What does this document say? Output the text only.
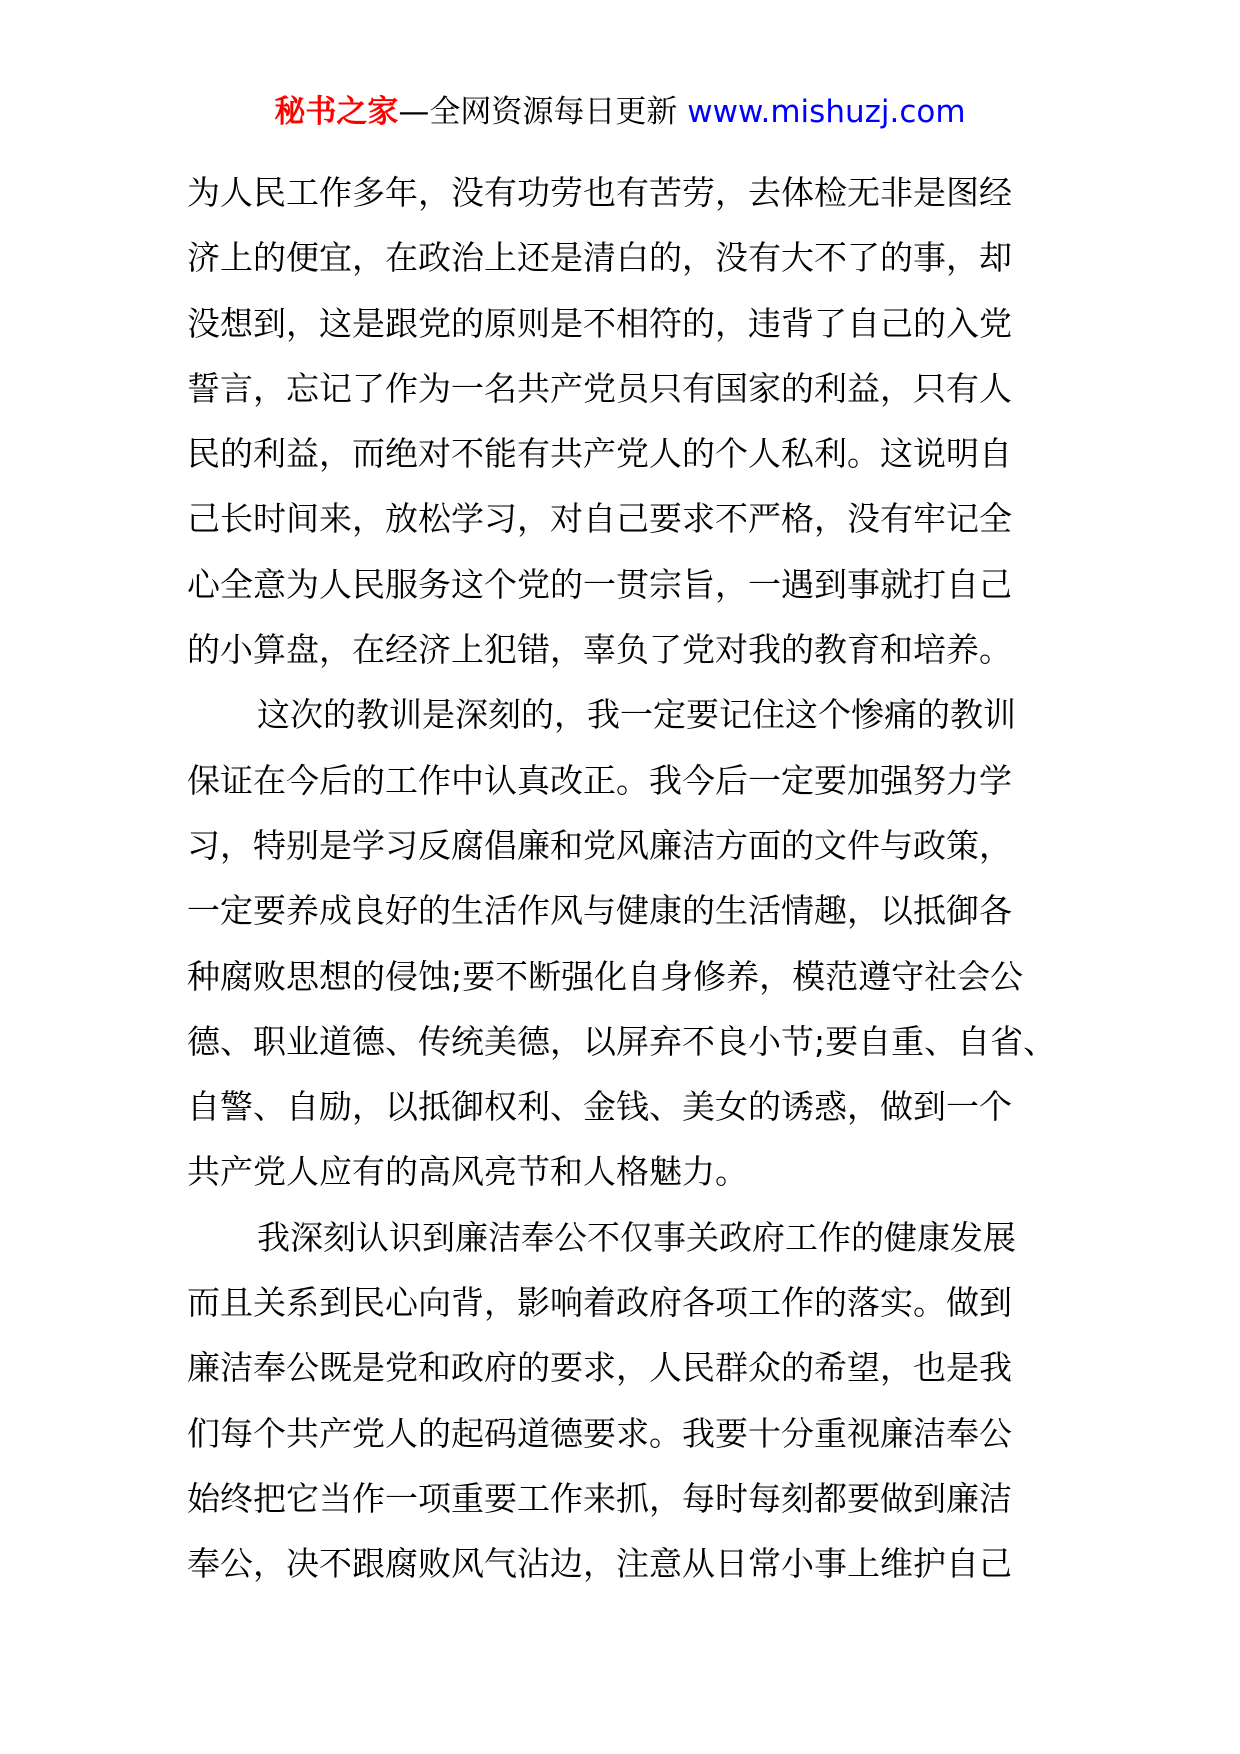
秘书之家—全网资源每日更新 www.mishuzj.com
为人民工作多年，没有功劳也有苦劳，去体检无非是图经
济上的便宜，在政治上还是清白的，没有大不了的事，却
没想到，这是跟党的原则是不相符的，违背了自己的入党
誓言，忘记了作为一名共产党员只有国家的利益，只有人
民的利益，而绝对不能有共产党人的个人私利。这说明自
己长时间来，放松学习，对自己要求不严格，没有牢记全
心全意为人民服务这个党的一贯宗旨，一遇到事就打自己
的小算盘，在经济上犯错，辜负了党对我的教育和培养。
这次的教训是深刻的，我一定要记住这个惨痛的教训
保证在今后的工作中认真改正。我今后一定要加强努力学
习，特别是学习反腐倡廉和党风廉洁方面的文件与政策，
一定要养成良好的生活作风与健康的生活情趣，以抵御各
种腐败思想的侵蚀;要不断强化自身修养，模范遵守社会公
德、职业道德、传统美德，以屏弃不良小节;要自重、自省、
自警、自励，以抵御权利、金钱、美女的诱惑，做到一个
共产党人应有的高风亮节和人格魅力。
我深刻认识到廉洁奉公不仅事关政府工作的健康发展
而且关系到民心向背，影响着政府各项工作的落实。做到
廉洁奉公既是党和政府的要求，人民群众的希望，也是我
们每个共产党人的起码道德要求。我要十分重视廉洁奉公
始终把它当作一项重要工作来抓，每时每刻都要做到廉洁
奉公，决不跟腐败风气沾边，注意从日常小事上维护自己
